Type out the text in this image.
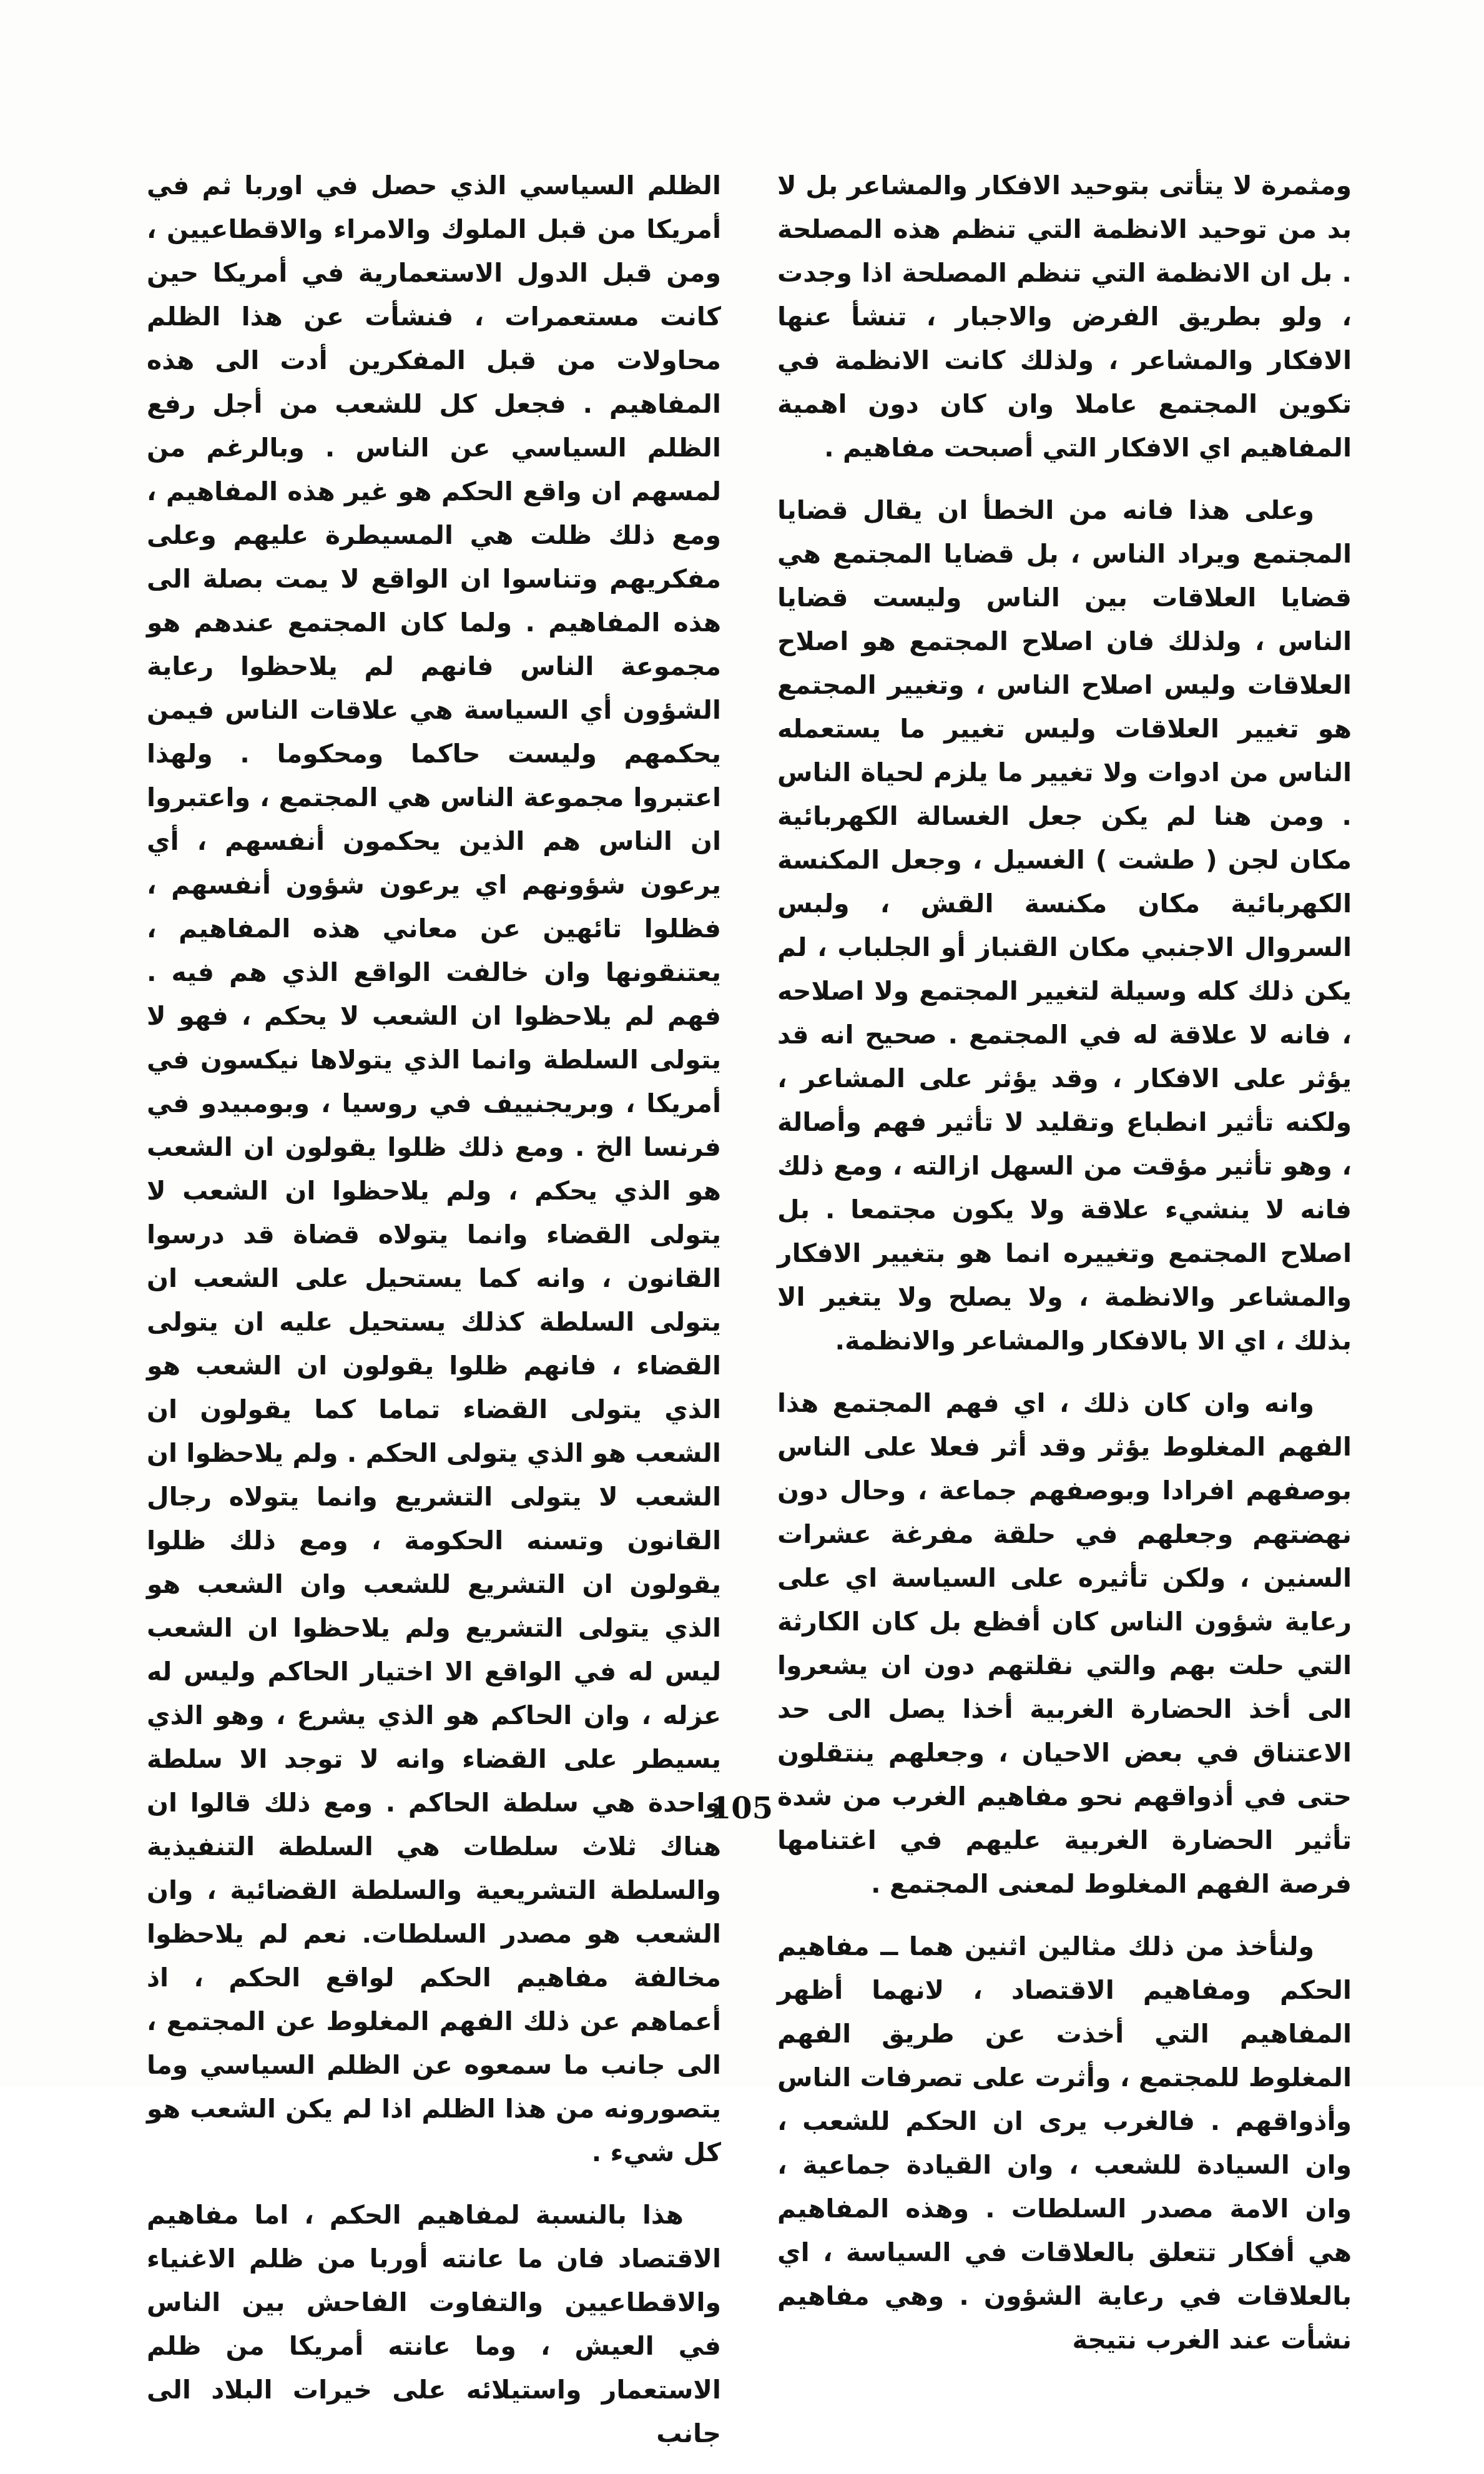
ومثمرة لا يتأتى بتوحيد الافكار والمشاعر بل لا بد من توحيد الانظمة التي تنظم هذه المصلحة . بل ان الانظمة التي تنظم المصلحة اذا وجدت ، ولو بطريق الفرض والاجبار ، تنشأ عنها الافكار والمشاعر ، ولذلك كانت الانظمة في تكوين المجتمع عاملا وان كان دون اهمية المفاهيم اي الافكار التي أصبحت مفاهيم .

وعلى هذا فانه من الخطأ ان يقال قضايا المجتمع ويراد الناس ، بل قضايا المجتمع هي قضايا العلاقات بين الناس وليست قضايا الناس ، ولذلك فان اصلاح المجتمع هو اصلاح العلاقات وليس اصلاح الناس ، وتغيير المجتمع هو تغيير العلاقات وليس تغيير ما يستعمله الناس من ادوات ولا تغيير ما يلزم لحياة الناس . ومن هنا لم يكن جعل الغسالة الكهربائية مكان لجن ( طشت ) الغسيل ، وجعل المكنسة الكهربائية مكان مكنسة القش ، ولبس السروال الاجنبي مكان القنباز أو الجلباب ، لم يكن ذلك كله وسيلة لتغيير المجتمع ولا اصلاحه ، فانه لا علاقة له في المجتمع . صحيح انه قد يؤثر على الافكار ، وقد يؤثر على المشاعر ، ولكنه تأثير انطباع وتقليد لا تأثير فهم وأصالة ، وهو تأثير مؤقت من السهل ازالته ، ومع ذلك فانه لا ينشيء علاقة ولا يكون مجتمعا . بل اصلاح المجتمع وتغييره انما هو بتغيير الافكار والمشاعر والانظمة ، ولا يصلح ولا يتغير الا بذلك ، اي الا بالافكار والمشاعر والانظمة.

وانه وان كان ذلك ، اي فهم المجتمع هذا الفهم المغلوط يؤثر وقد أثر فعلا على الناس بوصفهم افرادا وبوصفهم جماعة ، وحال دون نهضتهم وجعلهم في حلقة مفرغة عشرات السنين ، ولكن تأثيره على السياسة اي على رعاية شؤون الناس كان أفظع بل كان الكارثة التي حلت بهم والتي نقلتهم دون ان يشعروا الى أخذ الحضارة الغربية أخذا يصل الى حد الاعتناق في بعض الاحيان ، وجعلهم ينتقلون حتى في أذواقهم نحو مفاهيم الغرب من شدة تأثير الحضارة الغربية عليهم في اغتنامها فرصة الفهم المغلوط لمعنى المجتمع .

ولنأخذ من ذلك مثالين اثنين هما ــ مفاهيم الحكم ومفاهيم الاقتصاد ، لانهما أظهر المفاهيم التي أخذت عن طريق الفهم المغلوط للمجتمع ، وأثرت على تصرفات الناس وأذواقهم . فالغرب يرى ان الحكم للشعب ، وان السيادة للشعب ، وان القيادة جماعية ، وان الامة مصدر السلطات . وهذه المفاهيم هي أفكار تتعلق بالعلاقات في السياسة ، اي بالعلاقات في رعاية الشؤون . وهي مفاهيم نشأت عند الغرب نتيجة

الظلم السياسي الذي حصل في اوربا ثم في أمريكا من قبل الملوك والامراء والاقطاعيين ، ومن قبل الدول الاستعمارية في أمريكا حين كانت مستعمرات ، فنشأت عن هذا الظلم محاولات من قبل المفكرين أدت الى هذه المفاهيم . فجعل كل للشعب من أجل رفع الظلم السياسي عن الناس . وبالرغم من لمسهم ان واقع الحكم هو غير هذه المفاهيم ، ومع ذلك ظلت هي المسيطرة عليهم وعلى مفكريهم وتناسوا ان الواقع لا يمت بصلة الى هذه المفاهيم . ولما كان المجتمع عندهم هو مجموعة الناس فانهم لم يلاحظوا رعاية الشؤون أي السياسة هي علاقات الناس فيمن يحكمهم وليست حاكما ومحكوما . ولهذا اعتبروا مجموعة الناس هي المجتمع ، واعتبروا ان الناس هم الذين يحكمون أنفسهم ، أي يرعون شؤونهم اي يرعون شؤون أنفسهم ، فظلوا تائهين عن معاني هذه المفاهيم ، يعتنقونها وان خالفت الواقع الذي هم فيه . فهم لم يلاحظوا ان الشعب لا يحكم ، فهو لا يتولى السلطة وانما الذي يتولاها نيكسون في أمريكا ، وبريجنييف في روسيا ، وبومبيدو في فرنسا الخ . ومع ذلك ظلوا يقولون ان الشعب هو الذي يحكم ، ولم يلاحظوا ان الشعب لا يتولى القضاء وانما يتولاه قضاة قد درسوا القانون ، وانه كما يستحيل على الشعب ان يتولى السلطة كذلك يستحيل عليه ان يتولى القضاء ، فانهم ظلوا يقولون ان الشعب هو الذي يتولى القضاء تماما كما يقولون ان الشعب هو الذي يتولى الحكم . ولم يلاحظوا ان الشعب لا يتولى التشريع وانما يتولاه رجال القانون وتسنه الحكومة ، ومع ذلك ظلوا يقولون ان التشريع للشعب وان الشعب هو الذي يتولى التشريع ولم يلاحظوا ان الشعب ليس له في الواقع الا اختيار الحاكم وليس له عزله ، وان الحاكم هو الذي يشرع ، وهو الذي يسيطر على القضاء وانه لا توجد الا سلطة واحدة هي سلطة الحاكم . ومع ذلك قالوا ان هناك ثلاث سلطات هي السلطة التنفيذية والسلطة التشريعية والسلطة القضائية ، وان الشعب هو مصدر السلطات. نعم لم يلاحظوا مخالفة مفاهيم الحكم لواقع الحكم ، اذ أعماهم عن ذلك الفهم المغلوط عن المجتمع ، الى جانب ما سمعوه عن الظلم السياسي وما يتصورونه من هذا الظلم اذا لم يكن الشعب هو كل شيء .

هذا بالنسبة لمفاهيم الحكم ، اما مفاهيم الاقتصاد فان ما عانته أوربا من ظلم الاغنياء والاقطاعيين والتفاوت الفاحش بين الناس في العيش ، وما عانته أمريكا من ظلم الاستعمار واستيلائه على خيرات البلاد الى جانب

105
